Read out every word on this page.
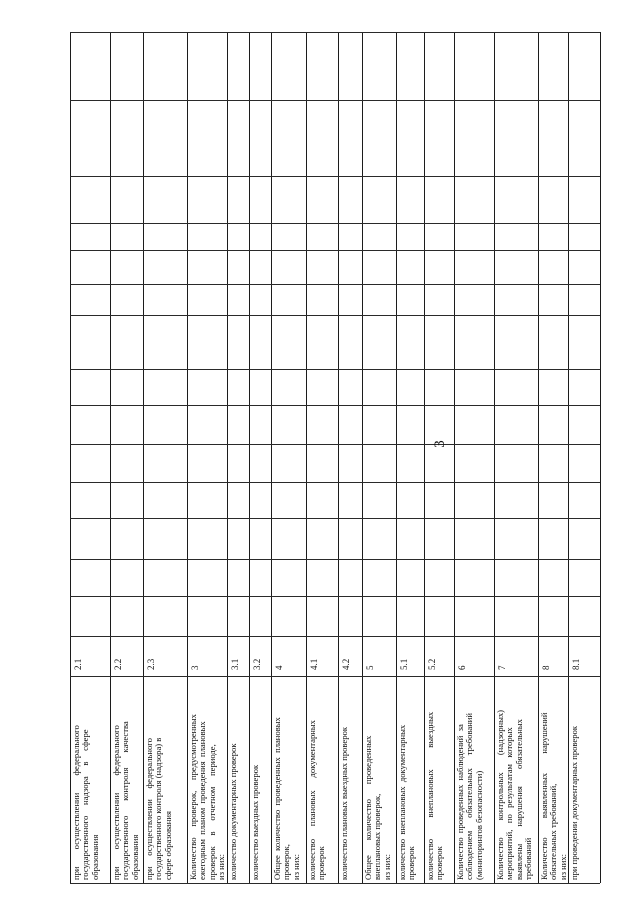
при        осуществлении        федерального государственного     надзора     в     сфере образования
2.1
при        осуществлении        федерального государственного       контроля       качества образования
2.2
при     осуществлении     федерального государственного контроля (надзора) в сфере образования
2.3
Количество     проверок,     предусмотренных ежегодным  планом  проведения  плановых проверок     в     отчетном     периоде, из них:
3
количество документарных проверок
3.1
количество выездных проверок
3.2
Общее  количество  проведенных  плановых проверок, из них:
4
количество      плановых      документарных проверок
4.1
количество плановых выездных проверок
4.2
Общее       количество       проведенных внеплановых проверок, из них:
5
количество  внеплановых  документарных проверок
5.1
количество          внеплановых          выездных проверок
5.2
Количество  проведенных  наблюдений  за соблюдением      обязательных      требований (мониторингов безопасности)
6
Количество        контрольных        (надзорных) мероприятий,   по   результатам   которых выявлены        нарушения        обязательных требований
7
Количество         выявленных         нарушений обязательных требований, из них:
8
при проведении документарных проверок
8.1
3
